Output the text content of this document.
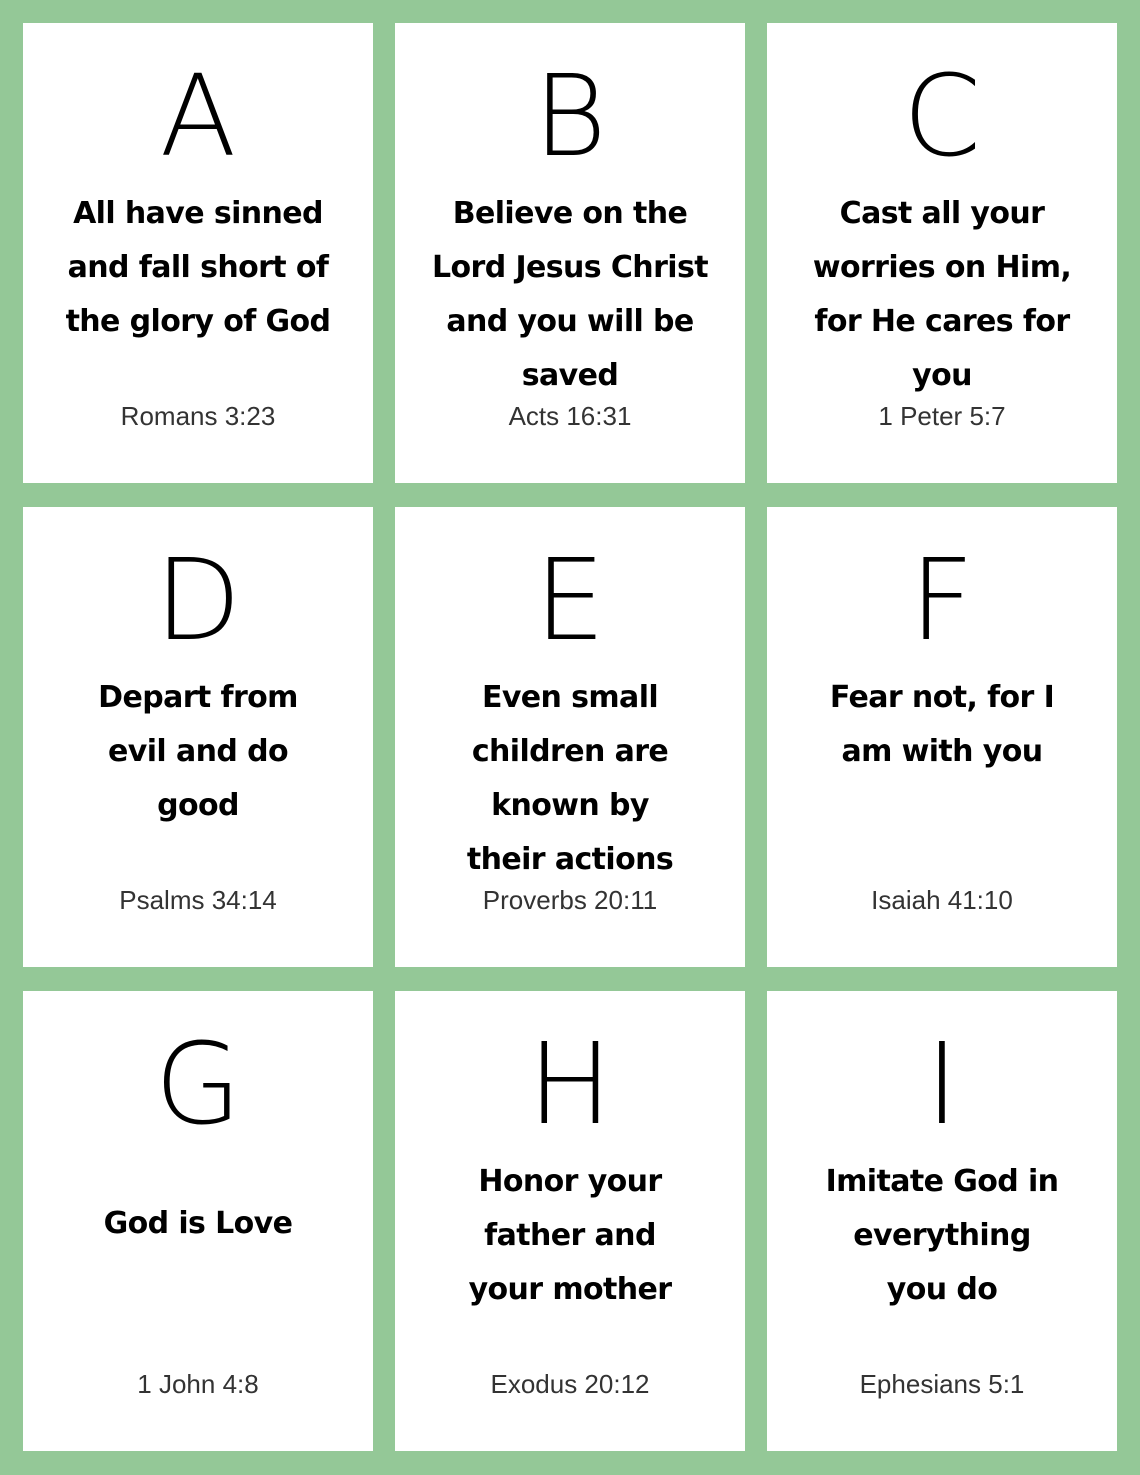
A
All have sinned and fall short of the glory of God
Romans 3:23
B
Believe on the Lord Jesus Christ and you will be saved
Acts 16:31
C
Cast all your worries on Him, for He cares for you
1 Peter 5:7
D
Depart from evil and do good
Psalms 34:14
E
Even small children are known by their actions
Proverbs 20:11
F
Fear not, for I am with you
Isaiah 41:10
G
God is Love
1 John 4:8
H
Honor your father and your mother
Exodus 20:12
I
Imitate God in everything you do
Ephesians 5:1
